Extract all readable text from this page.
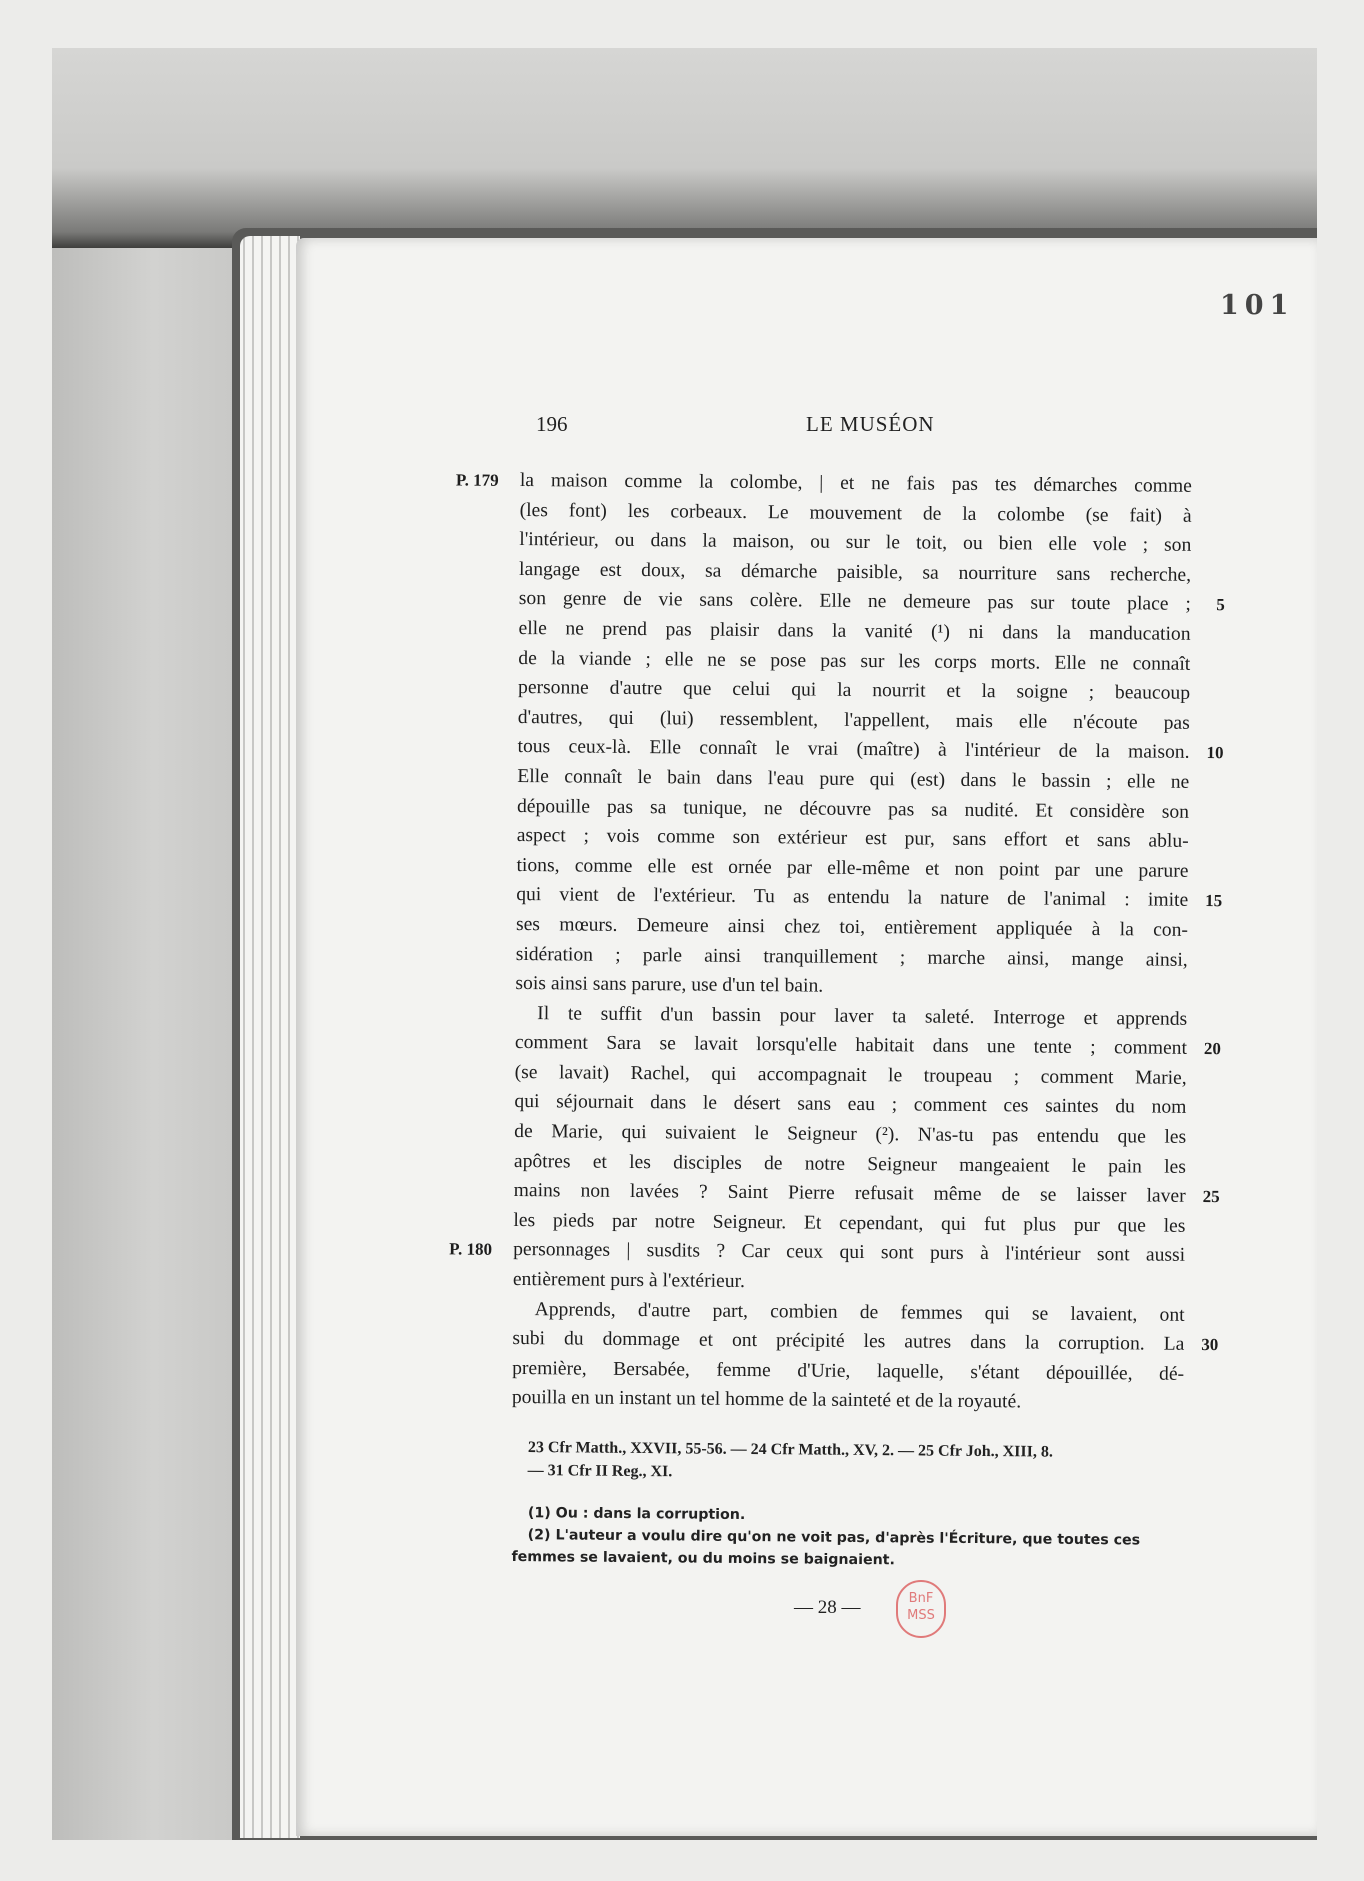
101
196	LE MUSÉON
P. 179 la maison comme la colombe, | et ne fais pas tes démarches comme
(les font) les corbeaux. Le mouvement de la colombe (se fait) à
l'intérieur, ou dans la maison, ou sur le toit, ou bien elle vole ; son
langage est doux, sa démarche paisible, sa nourriture sans recherche,
son genre de vie sans colère. Elle ne demeure pas sur toute place ; 5
elle ne prend pas plaisir dans la vanité (¹) ni dans la manducation
de la viande ; elle ne se pose pas sur les corps morts. Elle ne connaît
personne d'autre que celui qui la nourrit et la soigne ; beaucoup
d'autres, qui (lui) ressemblent, l'appellent, mais elle n'écoute pas
tous ceux-là. Elle connaît le vrai (maître) à l'intérieur de la maison. 10
Elle connaît le bain dans l'eau pure qui (est) dans le bassin ; elle ne
dépouille pas sa tunique, ne découvre pas sa nudité. Et considère son
aspect ; vois comme son extérieur est pur, sans effort et sans ablu-
tions, comme elle est ornée par elle-même et non point par une parure
qui vient de l'extérieur. Tu as entendu la nature de l'animal : imite 15
ses mœurs. Demeure ainsi chez toi, entièrement appliquée à la con-
sidération ; parle ainsi tranquillement ; marche ainsi, mange ainsi,
sois ainsi sans parure, use d'un tel bain.
Il te suffit d'un bassin pour laver ta saleté. Interroge et apprends
comment Sara se lavait lorsqu'elle habitait dans une tente ; comment 20
(se lavait) Rachel, qui accompagnait le troupeau ; comment Marie,
qui séjournait dans le désert sans eau ; comment ces saintes du nom
de Marie, qui suivaient le Seigneur (²). N'as-tu pas entendu que les
apôtres et les disciples de notre Seigneur mangeaient le pain les
mains non lavées ? Saint Pierre refusait même de se laisser laver 25
les pieds par notre Seigneur. Et cependant, qui fut plus pur que les
P. 180 personnages | susdits ? Car ceux qui sont purs à l'intérieur sont aussi
entièrement purs à l'extérieur.
Apprends, d'autre part, combien de femmes qui se lavaient, ont
subi du dommage et ont précipité les autres dans la corruption. La 30
première, Bersabée, femme d'Urie, laquelle, s'étant dépouillée, dé-
pouilla en un instant un tel homme de la sainteté et de la royauté.
23 Cfr Matth., XXVII, 55-56. — 24 Cfr Matth., XV, 2. — 25 Cfr Joh., XIII, 8.
— 31 Cfr II Reg., XI.
(1) Ou : dans la corruption.
(2) L'auteur a voulu dire qu'on ne voit pas, d'après l'Écriture, que toutes ces
femmes se lavaient, ou du moins se baignaient.
— 28 —	BnF
MSS
